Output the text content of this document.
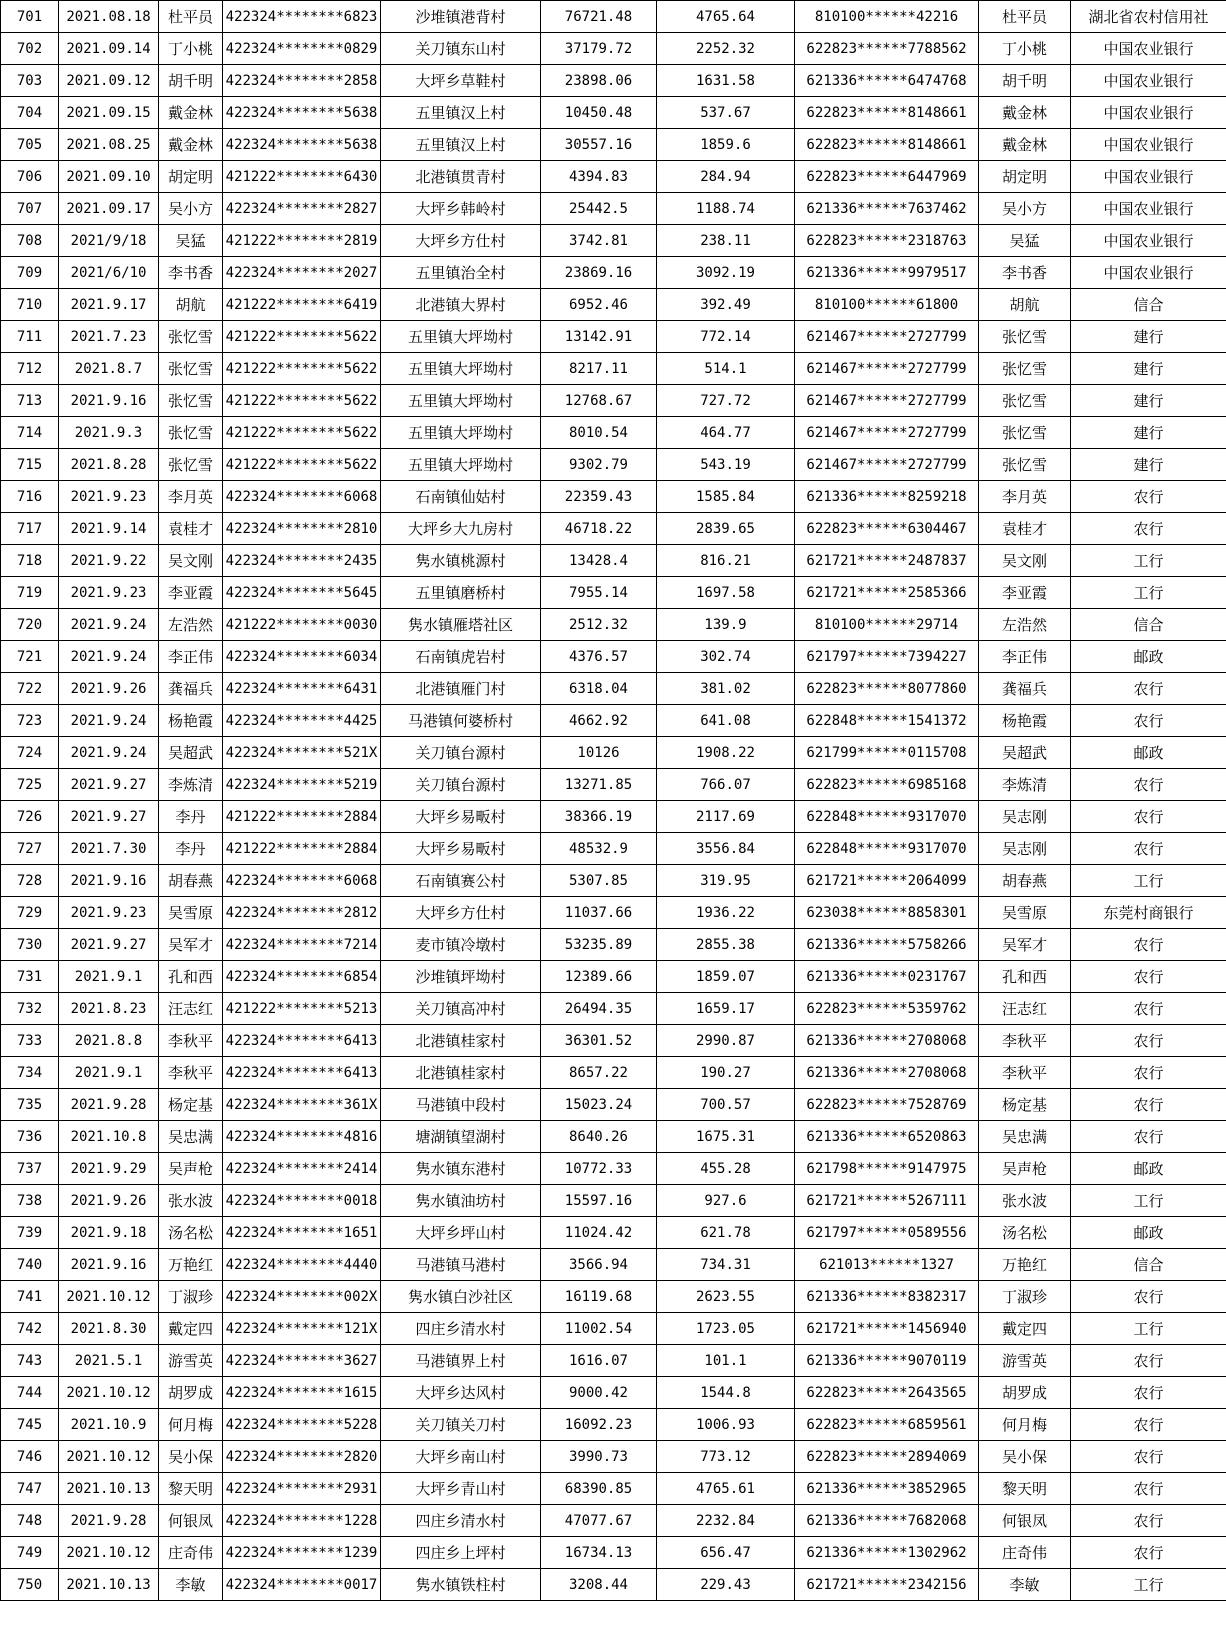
701	2021.08.18	杜平员	422324********6823	沙堆镇港背村	76721.48	4765.64	810100******42216	杜平员	湖北省农村信用社
702	2021.09.14	丁小桃	422324********0829	关刀镇东山村	37179.72	2252.32	622823******7788562	丁小桃	中国农业银行
703	2021.09.12	胡千明	422324********2858	大坪乡草鞋村	23898.06	1631.58	621336******6474768	胡千明	中国农业银行
704	2021.09.15	戴金林	422324********5638	五里镇汉上村	10450.48	537.67	622823******8148661	戴金林	中国农业银行
705	2021.08.25	戴金林	422324********5638	五里镇汉上村	30557.16	1859.6	622823******8148661	戴金林	中国农业银行
706	2021.09.10	胡定明	421222********6430	北港镇贯青村	4394.83	284.94	622823******6447969	胡定明	中国农业银行
707	2021.09.17	吴小方	422324********2827	大坪乡韩岭村	25442.5	1188.74	621336******7637462	吴小方	中国农业银行
708	2021/9/18	吴猛	421222********2819	大坪乡方仕村	3742.81	238.11	622823******2318763	吴猛	中国农业银行
709	2021/6/10	李书香	422324********2027	五里镇治全村	23869.16	3092.19	621336******9979517	李书香	中国农业银行
710	2021.9.17	胡航	421222********6419	北港镇大界村	6952.46	392.49	810100******61800	胡航	信合
711	2021.7.23	张忆雪	421222********5622	五里镇大坪坳村	13142.91	772.14	621467******2727799	张忆雪	建行
712	2021.8.7	张忆雪	421222********5622	五里镇大坪坳村	8217.11	514.1	621467******2727799	张忆雪	建行
713	2021.9.16	张忆雪	421222********5622	五里镇大坪坳村	12768.67	727.72	621467******2727799	张忆雪	建行
714	2021.9.3	张忆雪	421222********5622	五里镇大坪坳村	8010.54	464.77	621467******2727799	张忆雪	建行
715	2021.8.28	张忆雪	421222********5622	五里镇大坪坳村	9302.79	543.19	621467******2727799	张忆雪	建行
716	2021.9.23	李月英	422324********6068	石南镇仙姑村	22359.43	1585.84	621336******8259218	李月英	农行
717	2021.9.14	袁桂才	422324********2810	大坪乡大九房村	46718.22	2839.65	622823******6304467	袁桂才	农行
718	2021.9.22	吴文刚	422324********2435	隽水镇桃源村	13428.4	816.21	621721******2487837	吴文刚	工行
719	2021.9.23	李亚霞	422324********5645	五里镇磨桥村	7955.14	1697.58	621721******2585366	李亚霞	工行
720	2021.9.24	左浩然	421222********0030	隽水镇雁塔社区	2512.32	139.9	810100******29714	左浩然	信合
721	2021.9.24	李正伟	422324********6034	石南镇虎岩村	4376.57	302.74	621797******7394227	李正伟	邮政
722	2021.9.26	龚福兵	422324********6431	北港镇雁门村	6318.04	381.02	622823******8077860	龚福兵	农行
723	2021.9.24	杨艳霞	422324********4425	马港镇何婆桥村	4662.92	641.08	622848******1541372	杨艳霞	农行
724	2021.9.24	吴超武	422324********521X	关刀镇台源村	10126	1908.22	621799******0115708	吴超武	邮政
725	2021.9.27	李炼清	422324********5219	关刀镇台源村	13271.85	766.07	622823******6985168	李炼清	农行
726	2021.9.27	李丹	421222********2884	大坪乡易畈村	38366.19	2117.69	622848******9317070	吴志刚	农行
727	2021.7.30	李丹	421222********2884	大坪乡易畈村	48532.9	3556.84	622848******9317070	吴志刚	农行
728	2021.9.16	胡春燕	422324********6068	石南镇赛公村	5307.85	319.95	621721******2064099	胡春燕	工行
729	2021.9.23	吴雪原	422324********2812	大坪乡方仕村	11037.66	1936.22	623038******8858301	吴雪原	东莞村商银行
730	2021.9.27	吴军才	422324********7214	麦市镇冷墩村	53235.89	2855.38	621336******5758266	吴军才	农行
731	2021.9.1	孔和西	422324********6854	沙堆镇坪坳村	12389.66	1859.07	621336******0231767	孔和西	农行
732	2021.8.23	汪志红	421222********5213	关刀镇高冲村	26494.35	1659.17	622823******5359762	汪志红	农行
733	2021.8.8	李秋平	422324********6413	北港镇桂家村	36301.52	2990.87	621336******2708068	李秋平	农行
734	2021.9.1	李秋平	422324********6413	北港镇桂家村	8657.22	190.27	621336******2708068	李秋平	农行
735	2021.9.28	杨定基	422324********361X	马港镇中段村	15023.24	700.57	622823******7528769	杨定基	农行
736	2021.10.8	吴忠满	422324********4816	塘湖镇望湖村	8640.26	1675.31	621336******6520863	吴忠满	农行
737	2021.9.29	吴声枪	422324********2414	隽水镇东港村	10772.33	455.28	621798******9147975	吴声枪	邮政
738	2021.9.26	张水波	422324********0018	隽水镇油坊村	15597.16	927.6	621721******5267111	张水波	工行
739	2021.9.18	汤名松	422324********1651	大坪乡坪山村	11024.42	621.78	621797******0589556	汤名松	邮政
740	2021.9.16	万艳红	422324********4440	马港镇马港村	3566.94	734.31	621013******1327	万艳红	信合
741	2021.10.12	丁淑珍	422324********002X	隽水镇白沙社区	16119.68	2623.55	621336******8382317	丁淑珍	农行
742	2021.8.30	戴定四	422324********121X	四庄乡清水村	11002.54	1723.05	621721******1456940	戴定四	工行
743	2021.5.1	游雪英	422324********3627	马港镇界上村	1616.07	101.1	621336******9070119	游雪英	农行
744	2021.10.12	胡罗成	422324********1615	大坪乡达风村	9000.42	1544.8	622823******2643565	胡罗成	农行
745	2021.10.9	何月梅	422324********5228	关刀镇关刀村	16092.23	1006.93	622823******6859561	何月梅	农行
746	2021.10.12	吴小保	422324********2820	大坪乡南山村	3990.73	773.12	622823******2894069	吴小保	农行
747	2021.10.13	黎天明	422324********2931	大坪乡青山村	68390.85	4765.61	621336******3852965	黎天明	农行
748	2021.9.28	何银凤	422324********1228	四庄乡清水村	47077.67	2232.84	621336******7682068	何银凤	农行
749	2021.10.12	庄奇伟	422324********1239	四庄乡上坪村	16734.13	656.47	621336******1302962	庄奇伟	农行
750	2021.10.13	李敏	422324********0017	隽水镇铁柱村	3208.44	229.43	621721******2342156	李敏	工行
